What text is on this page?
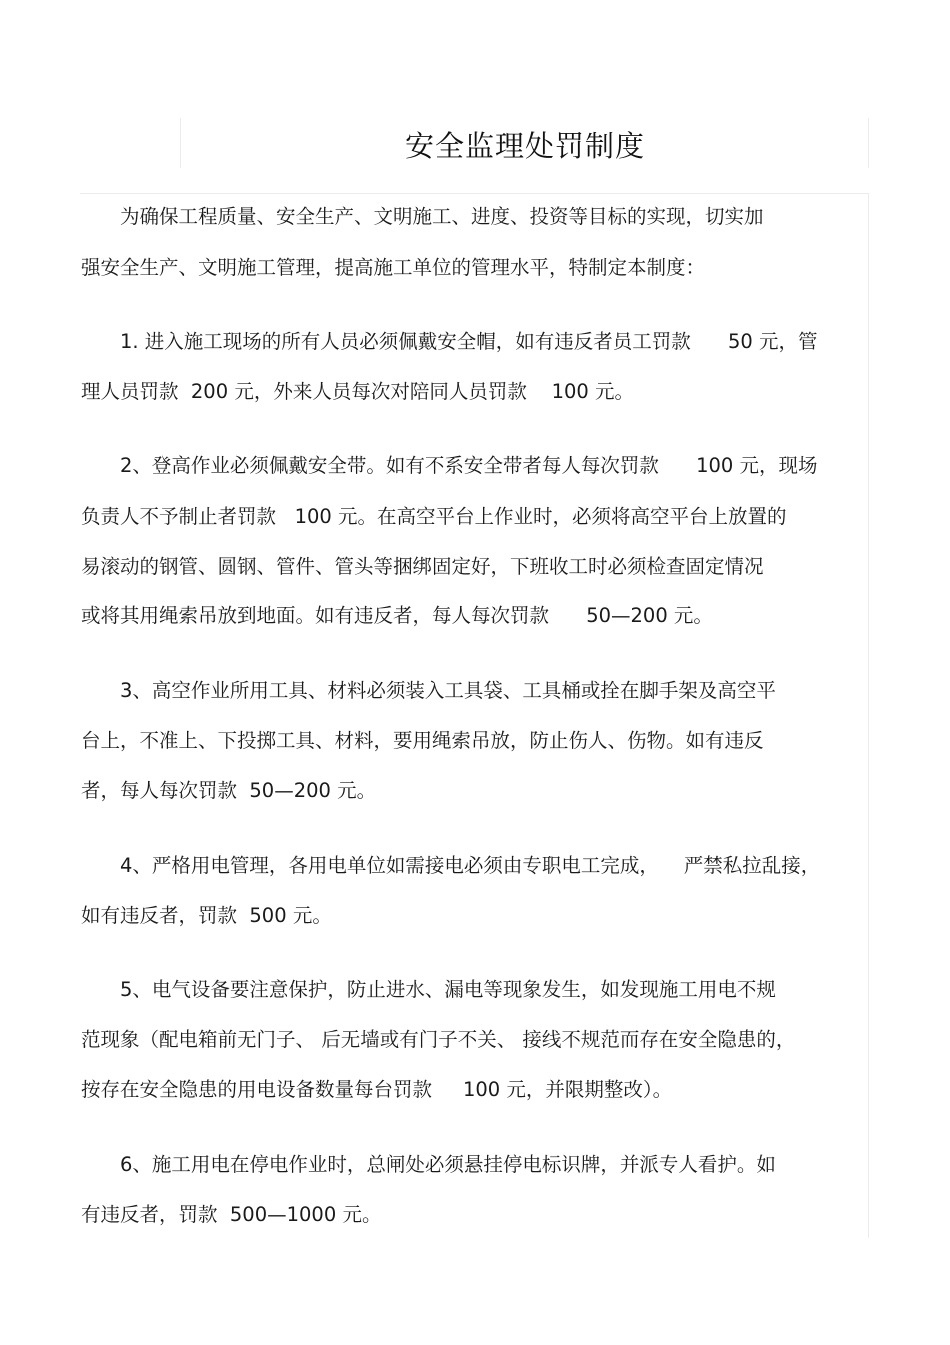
安全监理处罚制度
为确保工程质量、安全生产、文明施工、进度、投资等目标的实现，切实加
强安全生产、文明施工管理，提高施工单位的管理水平，特制定本制度：
1. 进入施工现场的所有人员必须佩戴安全帽，如有违反者员工罚款      50 元，管
理人员罚款  200 元，外来人员每次对陪同人员罚款    100 元。
2、登高作业必须佩戴安全带。如有不系安全带者每人每次罚款      100 元，现场
负责人不予制止者罚款   100 元。在高空平台上作业时，必须将高空平台上放置的
易滚动的钢管、圆钢、管件、管头等捆绑固定好，下班收工时必须检查固定情况
或将其用绳索吊放到地面。如有违反者，每人每次罚款      50—200 元。
3、高空作业所用工具、材料必须装入工具袋、工具桶或拴在脚手架及高空平
台上，不准上、下投掷工具、材料，要用绳索吊放，防止伤人、伤物。如有违反
者，每人每次罚款  50—200 元。
4、严格用电管理，各用电单位如需接电必须由专职电工完成，    严禁私拉乱接，
如有违反者，罚款  500 元。
5、电气设备要注意保护，防止进水、漏电等现象发生，如发现施工用电不规
范现象（配电箱前无门子、 后无墙或有门子不关、 接线不规范而存在安全隐患的，
按存在安全隐患的用电设备数量每台罚款     100 元，并限期整改）。
6、施工用电在停电作业时，总闸处必须悬挂停电标识牌，并派专人看护。如
有违反者，罚款  500—1000 元。
